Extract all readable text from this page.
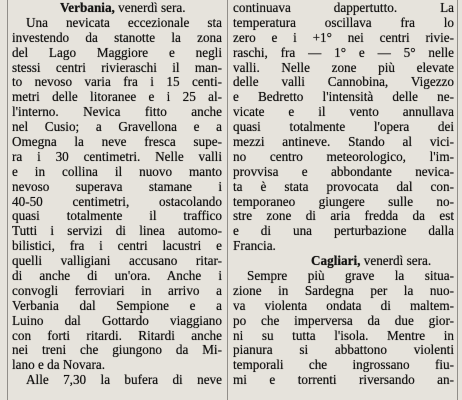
Verbania, venerdì sera.
Una nevicata eccezionale sta
investendo da stanotte la zona
del Lago Maggiore e negli
stessi centri rivieraschi il man-
to nevoso varia fra i 15 centi-
metri delle litoranee e i 25 al-
l'interno. Nevica fitto anche
nel Cusio; a Gravellona e a
Omegna la neve fresca supe-
ra i 30 centimetri. Nelle valli
e in collina il nuovo manto
nevoso superava stamane i
40-50 centimetri, ostacolando
quasi totalmente il traffico
Tutti i servizi di linea automo-
bilistici, fra i centri lacustri e
quelli valligiani accusano ritar-
di anche di un'ora. Anche i
convogli ferroviari in arrivo a
Verbania dal Sempione e a
Luino dal Gottardo viaggiano
con forti ritardi. Ritardi anche
nei treni che giungono da Mi-
lano e da Novara.
Alle 7,30 la bufera di neve
continuava dappertutto. La
temperatura oscillava fra lo
zero e i +1° nei centri rivie-
raschi, fra — 1° e — 5° nelle
valli. Nelle zone più elevate
delle valli Cannobina, Vigezzo
e Bedretto l'intensità delle ne-
vicate e il vento annullava
quasi totalmente l'opera dei
mezzi antineve. Stando al vici-
no centro meteorologico, l'im-
provvisa e abbondante nevica-
ta è stata provocata dal con-
temporaneo giungere sulle no-
stre zone di aria fredda da est
e di una perturbazione dalla
Francia.
Cagliari, venerdì sera.
Sempre più grave la situa-
zione in Sardegna per la nuo-
va violenta ondata di maltem-
po che imperversa da due gior-
ni su tutta l'isola. Mentre in
pianura si abbattono violenti
temporali che ingrossano fiu-
mi e torrenti riversando an-
